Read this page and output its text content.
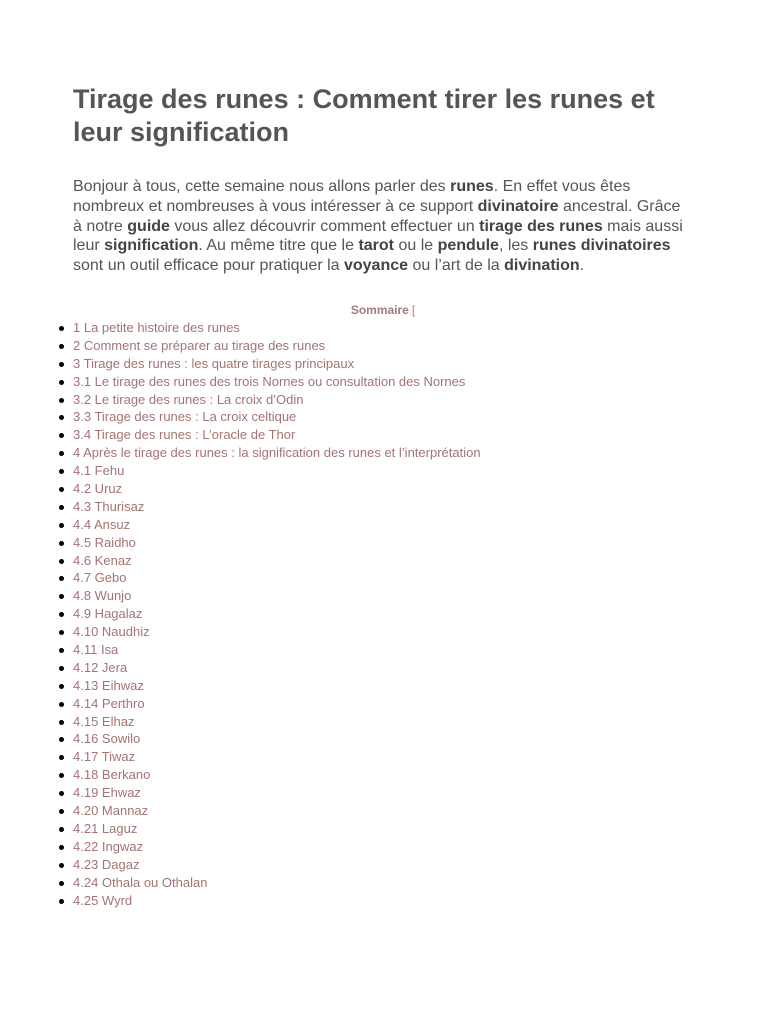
Tirage des runes : Comment tirer les runes et leur signification

Bonjour à tous, cette semaine nous allons parler des runes. En effet vous êtes nombreux et nombreuses à vous intéresser à ce support divinatoire ancestral. Grâce à notre guide vous allez découvrir comment effectuer un tirage des runes mais aussi leur signification. Au même titre que le tarot ou le pendule, les runes divinatoires sont un outil efficace pour pratiquer la voyance ou l’art de la divination.

Sommaire [
1 La petite histoire des runes
2 Comment se préparer au tirage des runes
3 Tirage des runes : les quatre tirages principaux
3.1 Le tirage des runes des trois Nornes ou consultation des Nornes
3.2 Le tirage des runes : La croix d’Odin
3.3 Tirage des runes : La croix celtique
3.4 Tirage des runes : L’oracle de Thor
4 Après le tirage des runes : la signification des runes et l’interprétation
4.1 Fehu
4.2 Uruz
4.3 Thurisaz
4.4 Ansuz
4.5 Raidho
4.6 Kenaz
4.7 Gebo
4.8 Wunjo
4.9 Hagalaz
4.10 Naudhiz
4.11 Isa
4.12 Jera
4.13 Eihwaz
4.14 Perthro
4.15 Elhaz
4.16 Sowilo
4.17 Tiwaz
4.18 Berkano
4.19 Ehwaz
4.20 Mannaz
4.21 Laguz
4.22 Ingwaz
4.23 Dagaz
4.24 Othala ou Othalan
4.25 Wyrd
